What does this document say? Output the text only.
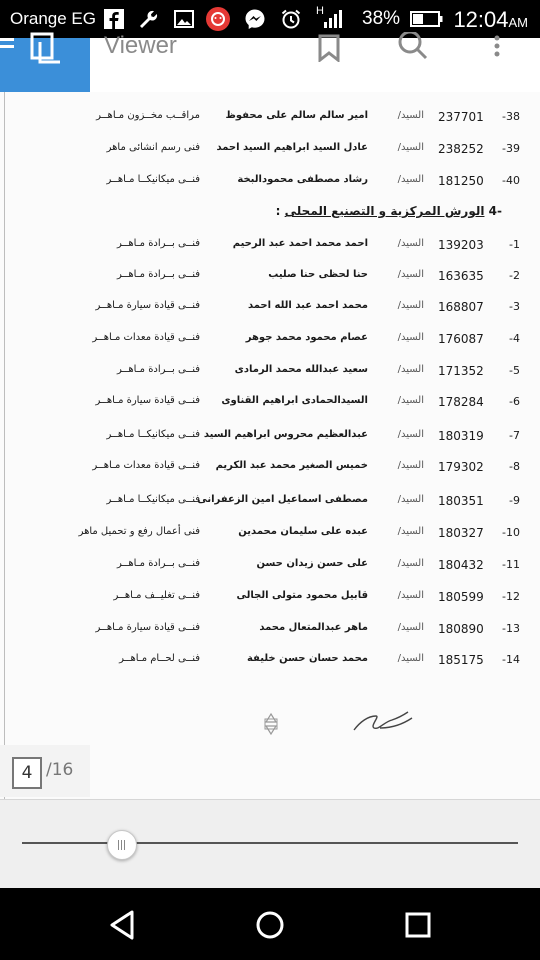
Orange EG	H 38% 12:04AM
Viewer
-38
237701
السيد/
امير سالم سالم على محفوظ
مراقــب مخــزون مـاهــر
-39
238252
السيد/
عادل السيد ابراهيم السيد احمد
فنى رسم انشائى ماهر
-40
181250
السيد/
رشاد مصطفى محمودالبخة
فنــى ميكانيكــا مـاهــر
-4 الورش المركزية و التصنيع المحلى :
-1
139203
السيد/
احمد محمد احمد عبد الرحيم
فنــى بــرادة مـاهــر
-2
163635
السيد/
حنا لحظى حنا صليب
فنــى بــرادة مـاهــر
-3
168807
السيد/
محمد احمد عبد الله احمد
فنــى قيادة سيارة مـاهــر
-4
176087
السيد/
عصام محمود محمد جوهر
فنــى قيادة معدات مـاهــر
-5
171352
السيد/
سعيد عبدالله محمد الرمادى
فنــى بــرادة مـاهــر
-6
178284
السيد/
السيدالحمادى ابراهيم القناوى
فنــى قيادة سيارة مـاهــر
-7
180319
السيد/
عبدالعظيم محروس ابراهيم السيد
فنــى ميكانيكــا مـاهــر
-8
179302
السيد/
خميس الصغير محمد عبد الكريم
فنــى قيادة معدات مـاهــر
-9
180351
السيد/
مصطفى اسماعيل امين الزعفرانى
فنــى ميكانيكــا مـاهــر
-10
180327
السيد/
عبده على سليمان محمدين
فنى أعمال رفع و تحميل ماهر
-11
180432
السيد/
على حسن زيدان حسن
فنــى بــرادة مـاهــر
-12
180599
السيد/
قابيل محمود متولى الجالى
فنــى تغليــف مـاهــر
-13
180890
السيد/
ماهر عبدالمتعال محمد
فنــى قيادة سيارة مـاهــر
-14
185175
السيد/
محمد حسان حسن خليفة
فنــى لحــام مـاهــر
4 /16
